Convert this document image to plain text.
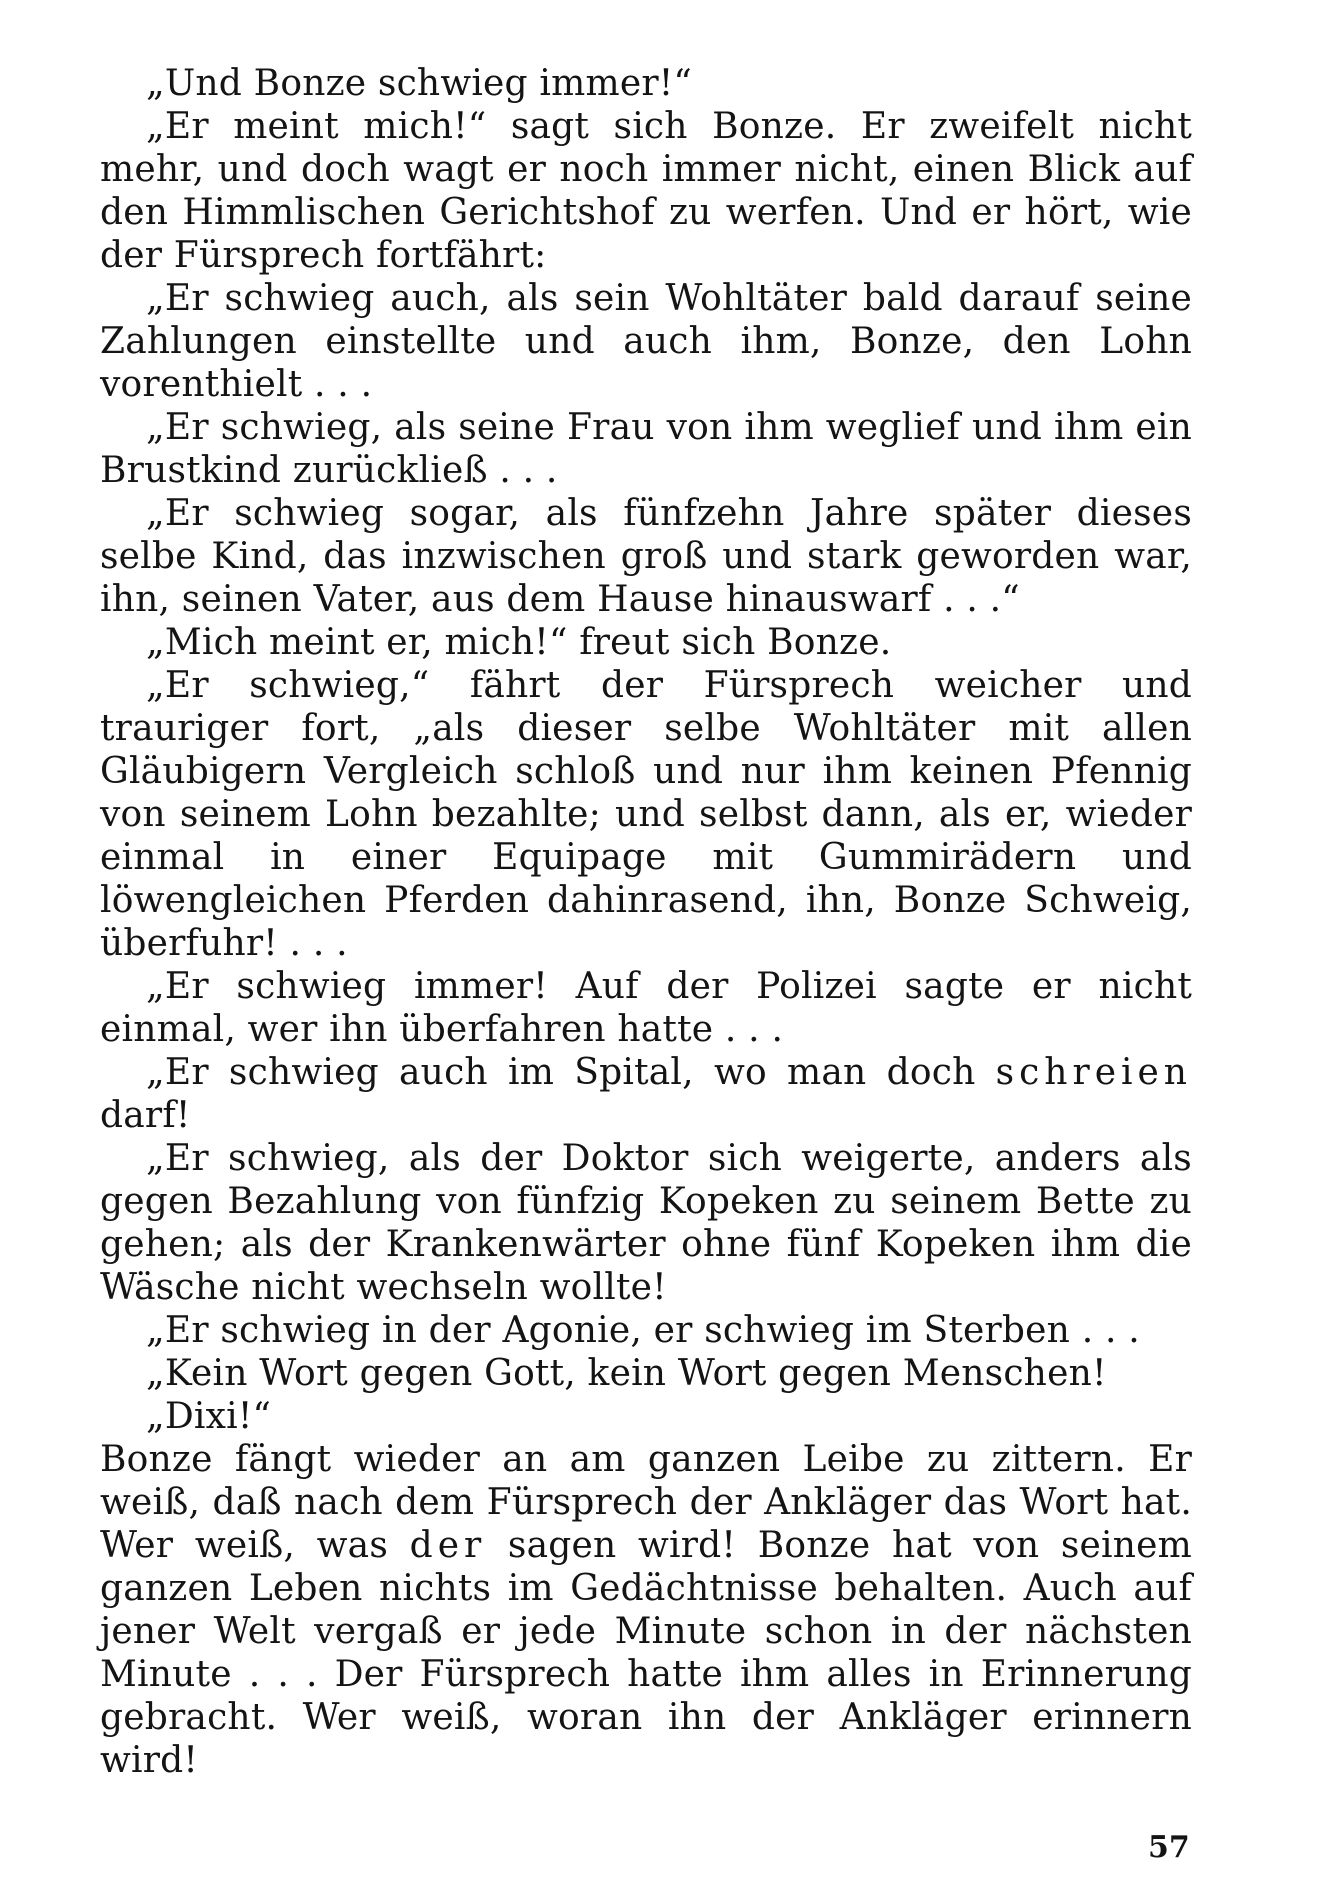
„Und Bonze schwieg immer!“

„Er meint mich!“ sagt sich Bonze. Er zweifelt nicht mehr, und doch wagt er noch immer nicht, einen Blick auf den Himmlischen Gerichtshof zu werfen. Und er hört, wie der Fürsprech fortfährt:

„Er schwieg auch, als sein Wohltäter bald darauf seine Zahlungen einstellte und auch ihm, Bonze, den Lohn vorenthielt . . .

„Er schwieg, als seine Frau von ihm weglief und ihm ein Brustkind zurückließ . . .

„Er schwieg sogar, als fünfzehn Jahre später dieses selbe Kind, das inzwischen groß und stark geworden war, ihn, seinen Vater, aus dem Hause hinauswarf . . .“

„Mich meint er, mich!“ freut sich Bonze.

„Er schwieg,“ fährt der Fürsprech weicher und trauriger fort, „als dieser selbe Wohltäter mit allen Gläubigern Vergleich schloß und nur ihm keinen Pfennig von seinem Lohn bezahlte; und selbst dann, als er, wieder einmal in einer Equipage mit Gummirädern und löwengleichen Pferden dahinrasend, ihn, Bonze Schweig, überfuhr! . . .

„Er schwieg immer! Auf der Polizei sagte er nicht einmal, wer ihn überfahren hatte . . .

„Er schwieg auch im Spital, wo man doch schreien darf!

„Er schwieg, als der Doktor sich weigerte, anders als gegen Bezahlung von fünfzig Kopeken zu seinem Bette zu gehen; als der Krankenwärter ohne fünf Kopeken ihm die Wäsche nicht wechseln wollte!

„Er schwieg in der Agonie, er schwieg im Sterben . . .

„Kein Wort gegen Gott, kein Wort gegen Menschen!

„Dixi!“

Bonze fängt wieder an am ganzen Leibe zu zittern. Er weiß, daß nach dem Fürsprech der Ankläger das Wort hat. Wer weiß, was der sagen wird! Bonze hat von seinem ganzen Leben nichts im Gedächtnisse behalten. Auch auf jener Welt vergaß er jede Minute schon in der nächsten Minute . . . Der Fürsprech hatte ihm alles in Erinnerung gebracht. Wer weiß, woran ihn der Ankläger erinnern wird!

57
